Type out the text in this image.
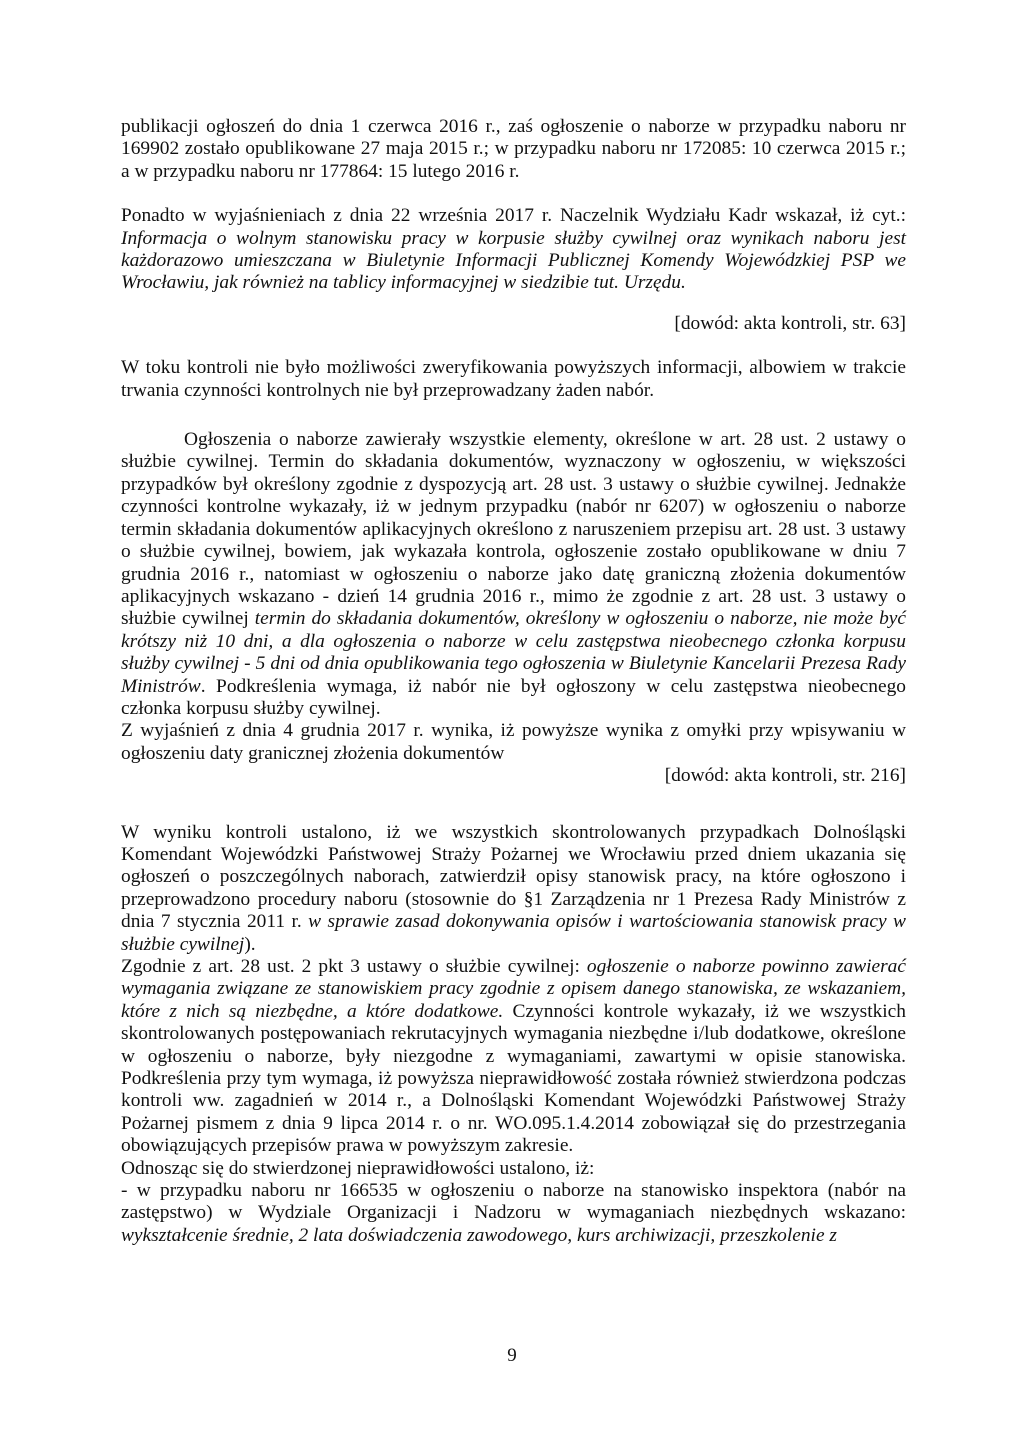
publikacji ogłoszeń do dnia 1 czerwca 2016 r., zaś ogłoszenie o naborze w przypadku naboru nr 169902 zostało opublikowane 27 maja 2015 r.; w przypadku naboru nr 172085: 10 czerwca 2015 r.; a w przypadku naboru nr 177864: 15 lutego 2016 r.

Ponadto w wyjaśnieniach z dnia 22 września 2017 r. Naczelnik Wydziału Kadr wskazał, iż cyt.: Informacja o wolnym stanowisku pracy w korpusie służby cywilnej oraz wynikach naboru jest każdorazowo umieszczana w Biuletynie Informacji Publicznej Komendy Wojewódzkiej PSP we Wrocławiu, jak również na tablicy informacyjnej w siedzibie tut. Urzędu.

[dowód: akta kontroli, str. 63]

W toku kontroli nie było możliwości zweryfikowania powyższych informacji, albowiem w trakcie trwania czynności kontrolnych nie był przeprowadzany żaden nabór.

Ogłoszenia o naborze zawierały wszystkie elementy, określone w art. 28 ust. 2 ustawy o służbie cywilnej. Termin do składania dokumentów, wyznaczony w ogłoszeniu, w większości przypadków był określony zgodnie z dyspozycją art. 28 ust. 3 ustawy o służbie cywilnej. Jednakże czynności kontrolne wykazały, iż w jednym przypadku (nabór nr 6207) w ogłoszeniu o naborze termin składania dokumentów aplikacyjnych określono z naruszeniem przepisu art. 28 ust. 3 ustawy o służbie cywilnej, bowiem, jak wykazała kontrola, ogłoszenie zostało opublikowane w dniu 7 grudnia 2016 r., natomiast w ogłoszeniu o naborze jako datę graniczną złożenia dokumentów aplikacyjnych wskazano - dzień 14 grudnia 2016 r., mimo że zgodnie z art. 28 ust. 3 ustawy o służbie cywilnej termin do składania dokumentów, określony w ogłoszeniu o naborze, nie może być krótszy niż 10 dni, a dla ogłoszenia o naborze w celu zastępstwa nieobecnego członka korpusu służby cywilnej - 5 dni od dnia opublikowania tego ogłoszenia w Biuletynie Kancelarii Prezesa Rady Ministrów. Podkreślenia wymaga, iż nabór nie był ogłoszony w celu zastępstwa nieobecnego członka korpusu służby cywilnej.

Z wyjaśnień z dnia 4 grudnia 2017 r. wynika, iż powyższe wynika z omyłki przy wpisywaniu w ogłoszeniu daty granicznej złożenia dokumentów

[dowód: akta kontroli, str. 216]

W wyniku kontroli ustalono, iż we wszystkich skontrolowanych przypadkach Dolnośląski Komendant Wojewódzki Państwowej Straży Pożarnej we Wrocławiu przed dniem ukazania się ogłoszeń o poszczególnych naborach, zatwierdził opisy stanowisk pracy, na które ogłoszono i przeprowadzono procedury naboru (stosownie do §1 Zarządzenia nr 1 Prezesa Rady Ministrów z dnia 7 stycznia 2011 r. w sprawie zasad dokonywania opisów i wartościowania stanowisk pracy w służbie cywilnej).

Zgodnie z art. 28 ust. 2 pkt 3 ustawy o służbie cywilnej: ogłoszenie o naborze powinno zawierać wymagania związane ze stanowiskiem pracy zgodnie z opisem danego stanowiska, ze wskazaniem, które z nich są niezbędne, a które dodatkowe. Czynności kontrole wykazały, iż we wszystkich skontrolowanych postępowaniach rekrutacyjnych wymagania niezbędne i/lub dodatkowe, określone w ogłoszeniu o naborze, były niezgodne z wymaganiami, zawartymi w opisie stanowiska. Podkreślenia przy tym wymaga, iż powyższa nieprawidłowość została również stwierdzona podczas kontroli ww. zagadnień w 2014 r., a Dolnośląski Komendant Wojewódzki Państwowej Straży Pożarnej pismem z dnia 9 lipca 2014 r. o nr. WO.095.1.4.2014 zobowiązał się do przestrzegania obowiązujących przepisów prawa w powyższym zakresie.

Odnosząc się do stwierdzonej nieprawidłowości ustalono, iż:

- w przypadku naboru nr 166535 w ogłoszeniu o naborze na stanowisko inspektora (nabór na zastępstwo) w Wydziale Organizacji i Nadzoru w wymaganiach niezbędnych wskazano: wykształcenie średnie, 2 lata doświadczenia zawodowego, kurs archiwizacji, przeszkolenie z

9
